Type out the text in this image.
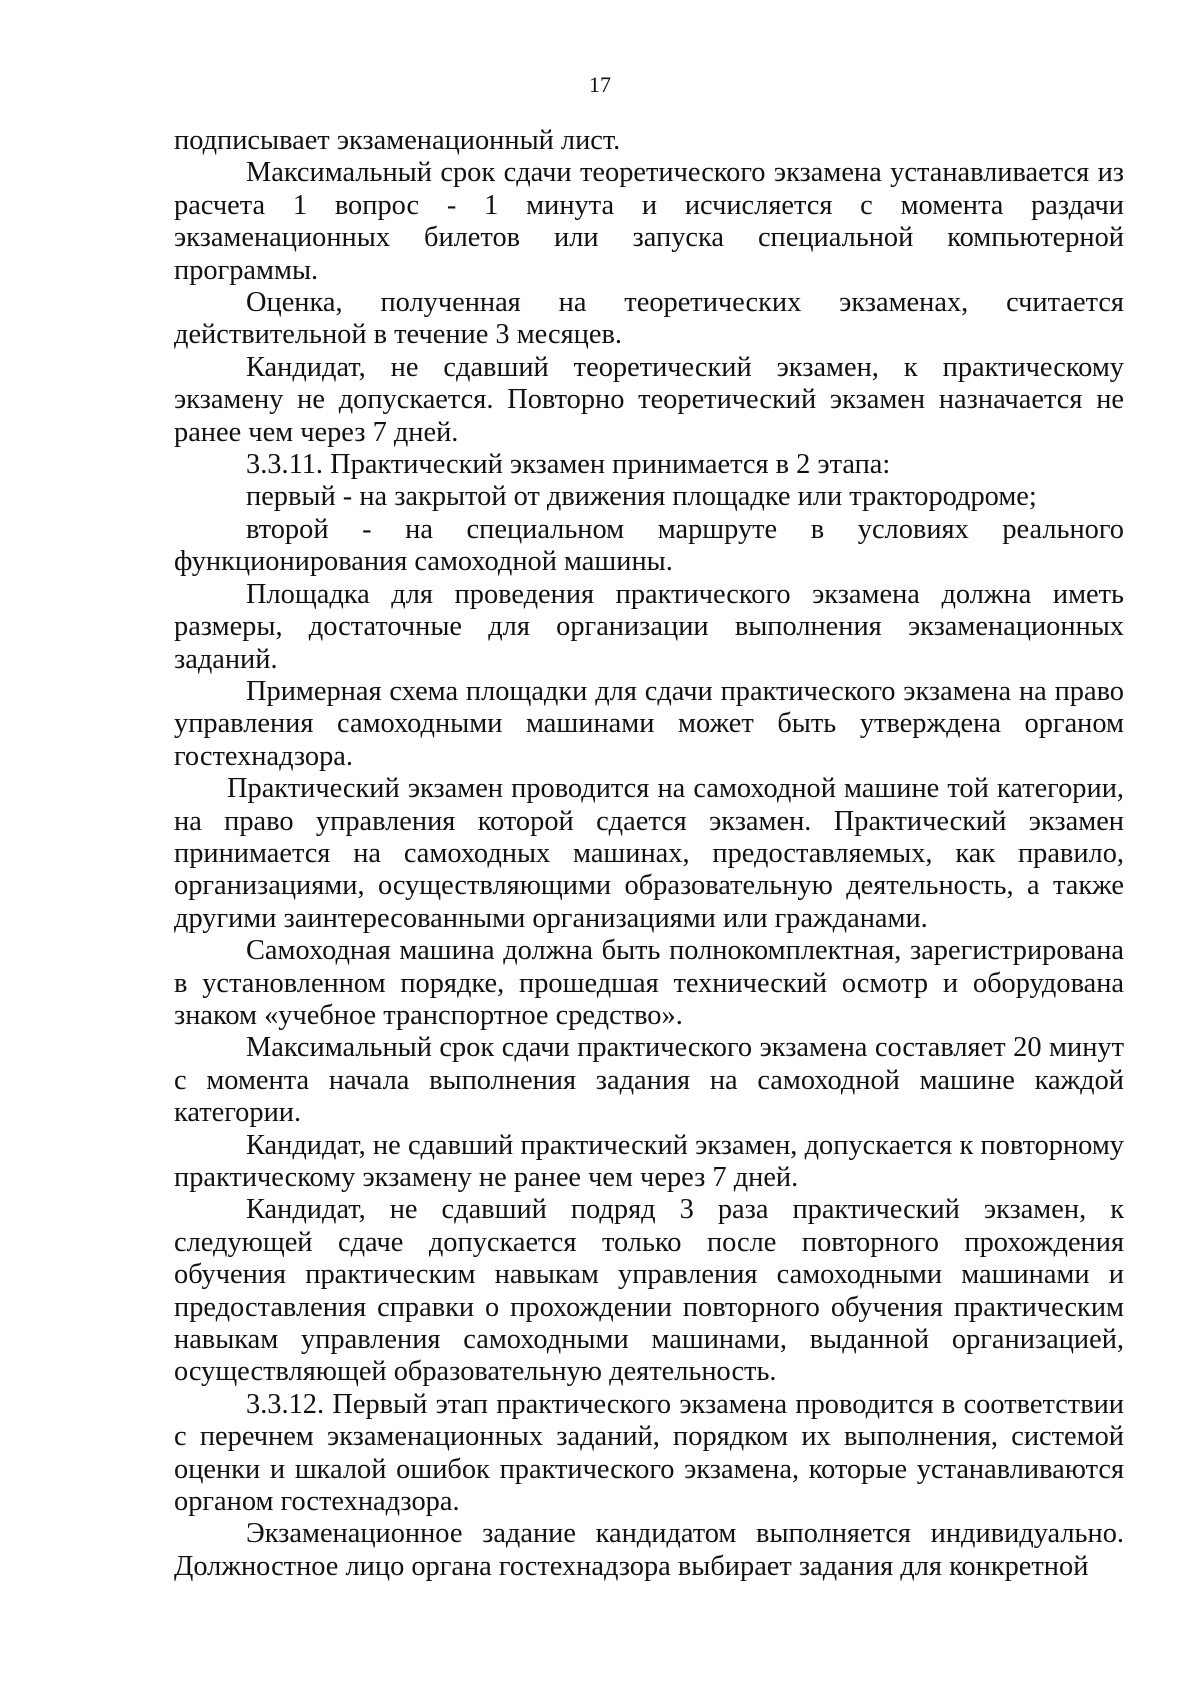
17

подписывает экзаменационный лист.

Максимальный срок сдачи теоретического экзамена устанавливается из расчета 1 вопрос - 1 минута и исчисляется с момента раздачи экзаменационных билетов или запуска специальной компьютерной программы.

Оценка, полученная на теоретических экзаменах, считается действительной в течение 3 месяцев.

Кандидат, не сдавший теоретический экзамен, к практическому экзамену не допускается. Повторно теоретический экзамен назначается не ранее чем через 7 дней.

3.3.11. Практический экзамен принимается в 2 этапа:

первый - на закрытой от движения площадке или трактородроме;

второй - на специальном маршруте в условиях реального функционирования самоходной машины.

Площадка для проведения практического экзамена должна иметь размеры, достаточные для организации выполнения экзаменационных заданий.

Примерная схема площадки для сдачи практического экзамена на право управления самоходными машинами может быть утверждена органом гостехнадзора.

Практический экзамен проводится на самоходной машине той категории, на право управления которой сдается экзамен. Практический экзамен принимается на самоходных машинах, предоставляемых, как правило, организациями, осуществляющими образовательную деятельность, а также другими заинтересованными организациями или гражданами.

Самоходная машина должна быть полнокомплектная, зарегистрирована в установленном порядке, прошедшая технический осмотр и оборудована знаком «учебное транспортное средство».

Максимальный срок сдачи практического экзамена составляет 20 минут с момента начала выполнения задания на самоходной машине каждой категории.

Кандидат, не сдавший практический экзамен, допускается к повторному практическому экзамену не ранее чем через 7 дней.

Кандидат, не сдавший подряд 3 раза практический экзамен, к следующей сдаче допускается только после повторного прохождения обучения практическим навыкам управления самоходными машинами и предоставления справки о прохождении повторного обучения практическим навыкам управления самоходными машинами, выданной организацией, осуществляющей образовательную деятельность.

3.3.12. Первый этап практического экзамена проводится в соответствии с перечнем экзаменационных заданий, порядком их выполнения, системой оценки и шкалой ошибок практического экзамена, которые устанавливаются органом гостехнадзора.

Экзаменационное задание кандидатом выполняется индивидуально. Должностное лицо органа гостехнадзора выбирает задания для конкретной
